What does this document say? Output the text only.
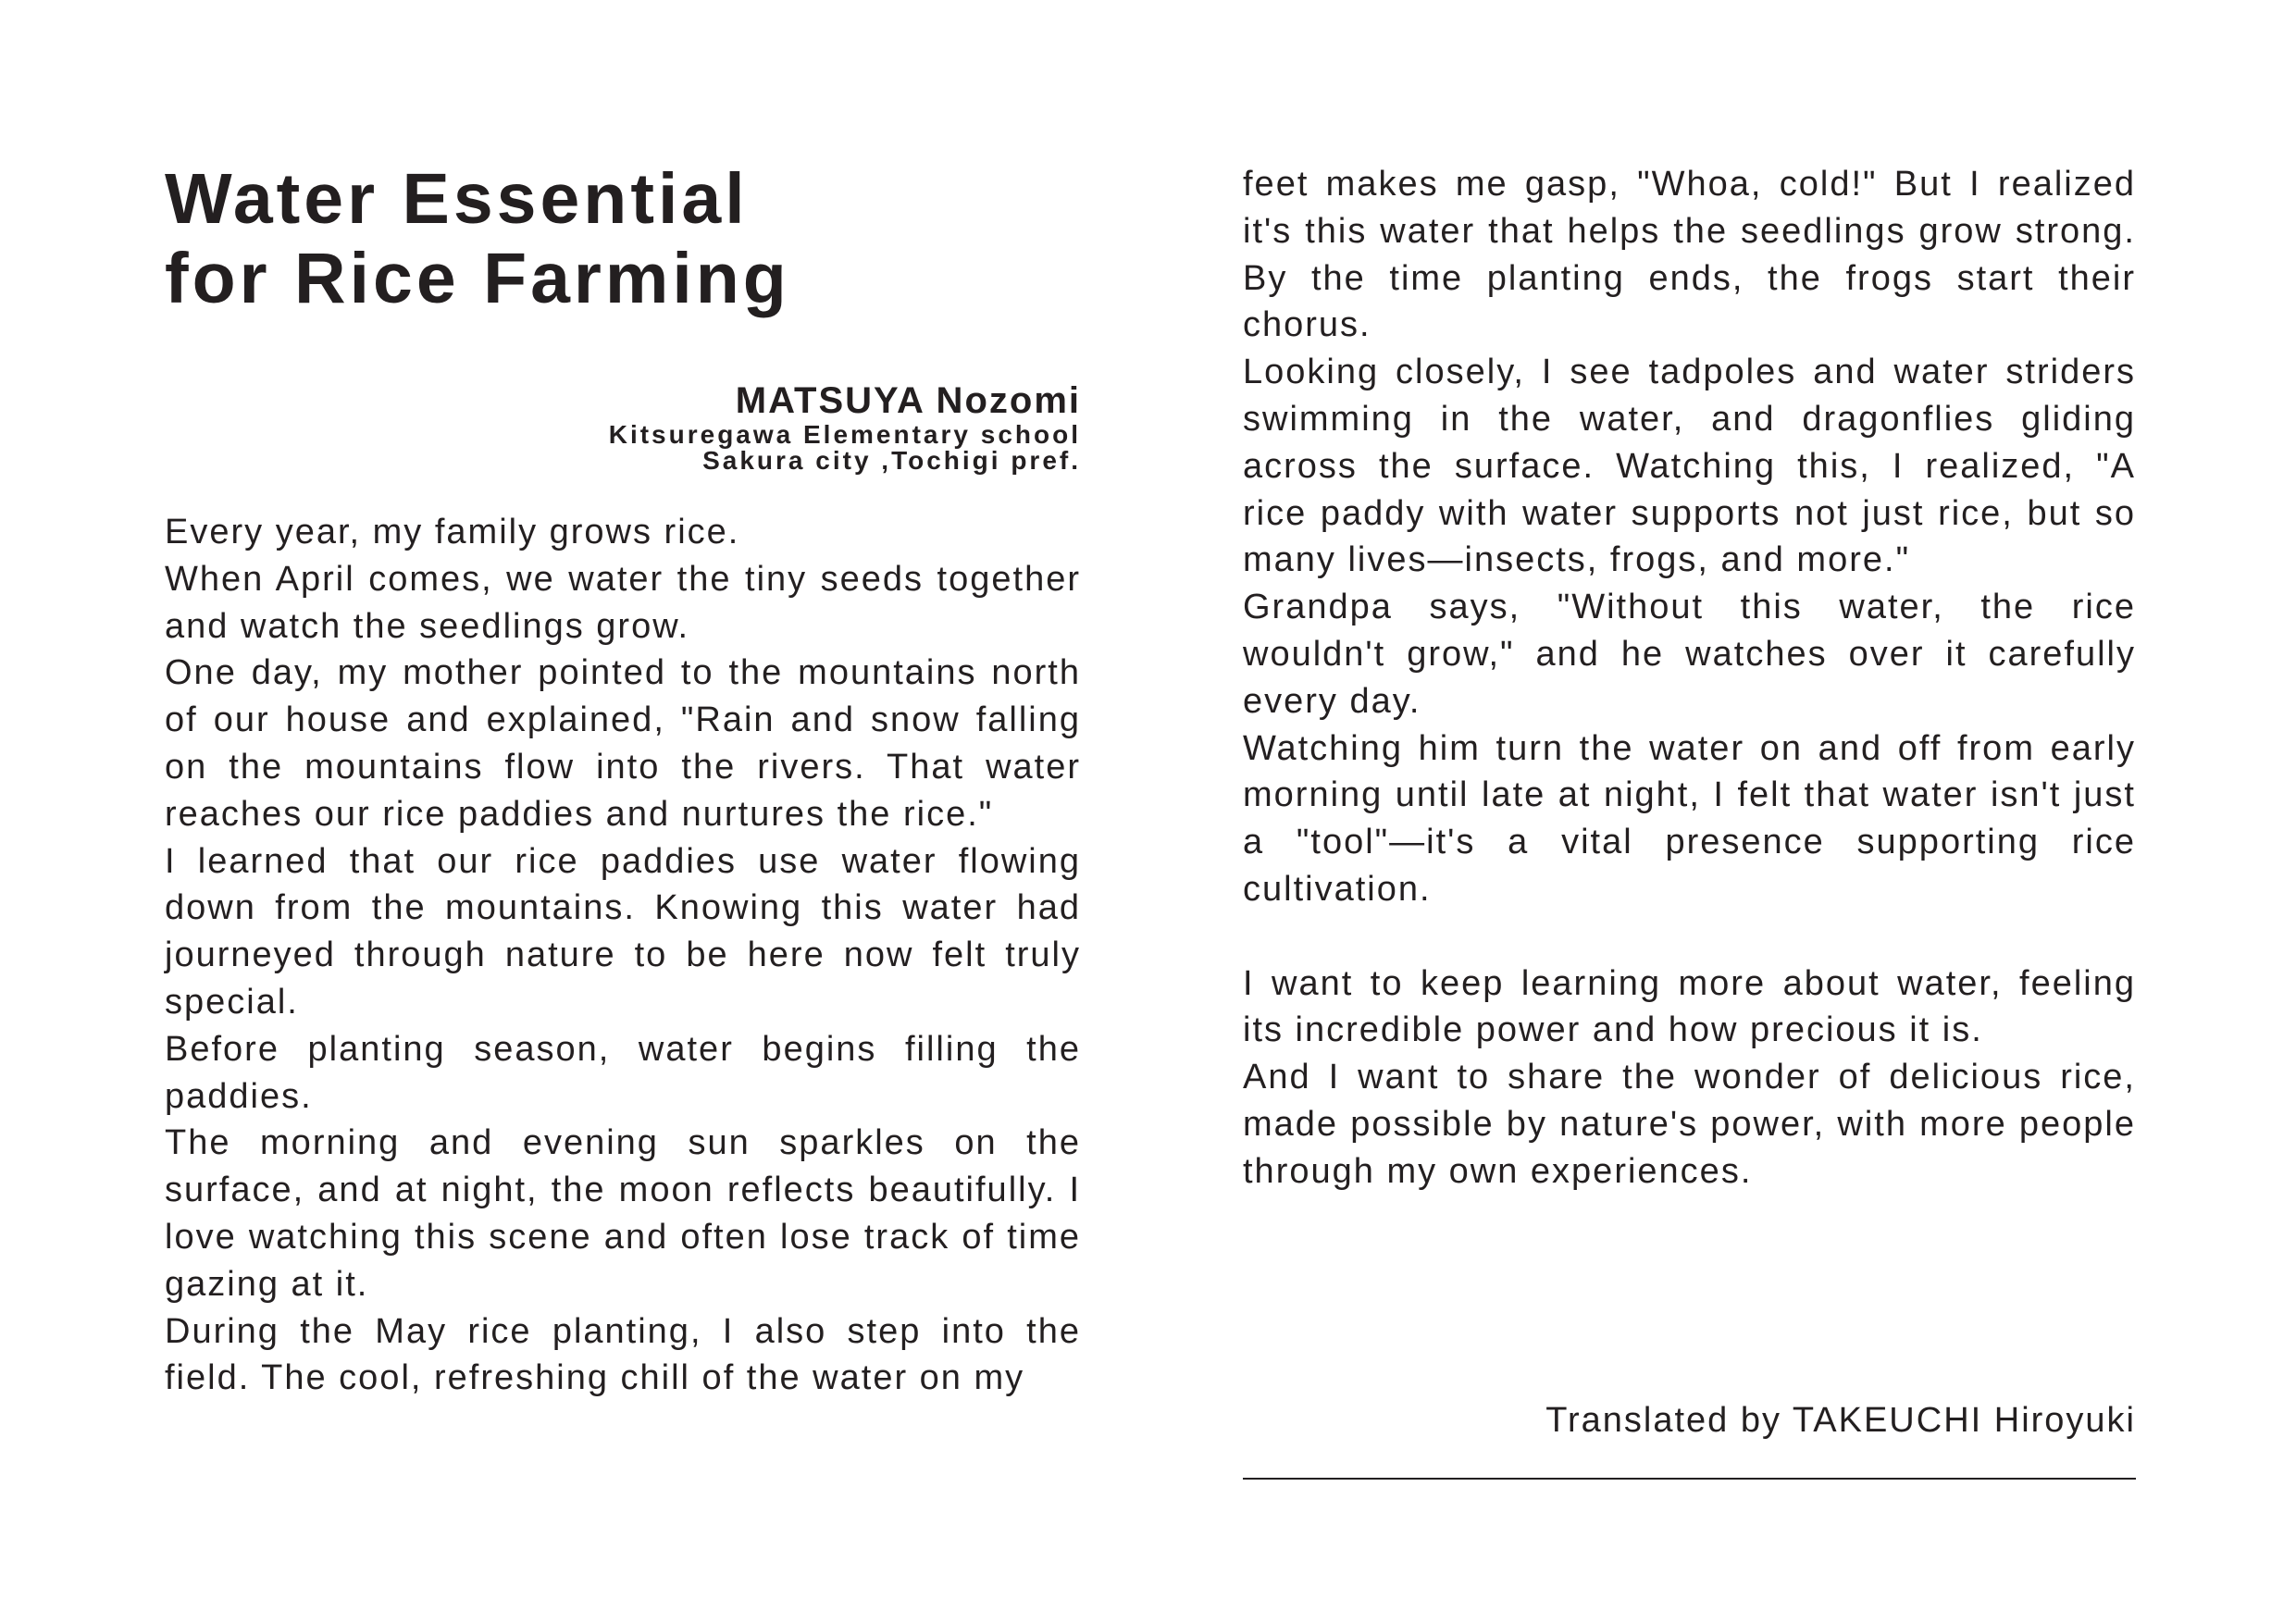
Water Essential
for Rice Farming
MATSUYA Nozomi
Kitsuregawa Elementary school
Sakura city ,Tochigi pref.

Every year, my family grows rice.

When April comes, we water the tiny seeds together and watch the seedlings grow.

One day, my mother pointed to the mountains north of our house and explained, "Rain and snow falling on the mountains flow into the rivers. That water reaches our rice paddies and nurtures the rice."

I learned that our rice paddies use water flowing down from the mountains. Knowing this water had journeyed through nature to be here now felt truly special.

Before planting season, water begins filling the paddies.

The morning and evening sun sparkles on the surface, and at night, the moon reflects beautifully. I love watching this scene and often lose track of time gazing at it.

During the May rice planting, I also step into the field. The cool, refreshing chill of the water on my

feet makes me gasp, "Whoa, cold!" But I realized it's this water that helps the seedlings grow strong. By the time planting ends, the frogs start their chorus.

Looking closely, I see tadpoles and water striders swimming in the water, and dragonflies gliding across the surface. Watching this, I realized, "A rice paddy with water supports not just rice, but so many lives—insects, frogs, and more."

Grandpa says, "Without this water, the rice wouldn't grow," and he watches over it carefully every day.

Watching him turn the water on and off from early morning until late at night, I felt that water isn't just a "tool"—it's a vital presence supporting rice cultivation.

I want to keep learning more about water, feeling its incredible power and how precious it is.

And I want to share the wonder of delicious rice, made possible by nature's power, with more people through my own experiences.

Translated by TAKEUCHI Hiroyuki
